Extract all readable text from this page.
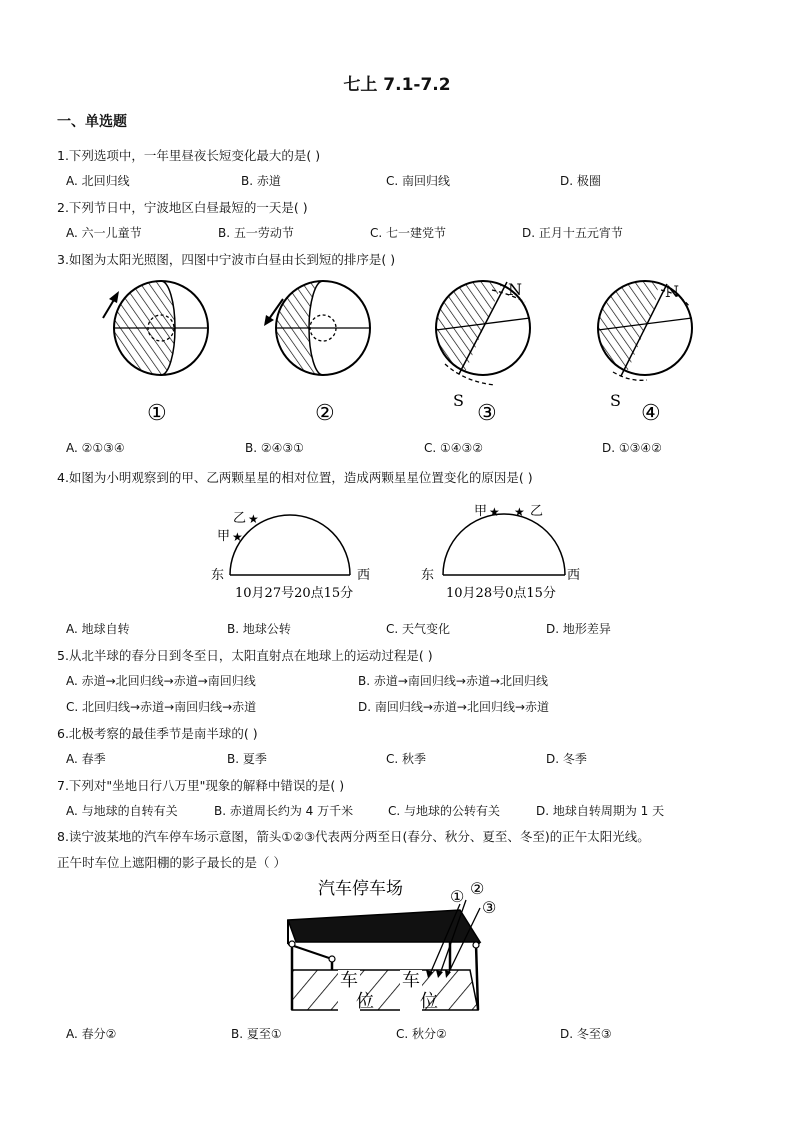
七上 7.1-7.2
一、单选题
1.下列选项中，一年里昼夜长短变化最大的是( )
A. 北回归线	B. 赤道	C. 南回归线	D. 极圈
2.下列节日中，宁波地区白昼最短的一天是( )
A. 六一儿童节	B. 五一劳动节	C. 七一建党节	D. 正月十五元宵节
3.如图为太阳光照图，四图中宁波市白昼由长到短的排序是( )
N
S
N
S
①	②	③	④
A. ②①③④	B. ②④③①	C. ①④③②	D. ①③④②
4.如图为小明观察到的甲、乙两颗星星的相对位置，造成两颗星星位置变化的原因是( )
乙 ★
甲 ★
东	西
10月27号20点15分
甲 ★ ★ 乙
东	西
10月28号0点15分
A. 地球自转	B. 地球公转	C. 天气变化	D. 地形差异
5.从北半球的春分日到冬至日，太阳直射点在地球上的运动过程是( )
A. 赤道→北回归线→赤道→南回归线	B. 赤道→南回归线→赤道→北回归线
C. 北回归线→赤道→南回归线→赤道	D. 南回归线→赤道→北回归线→赤道
6.北极考察的最佳季节是南半球的( )
A. 春季	B. 夏季	C. 秋季	D. 冬季
7.下列对"坐地日行八万里"现象的解释中错误的是( )
A. 与地球的自转有关	B. 赤道周长约为 4 万千米	C. 与地球的公转有关	D. 地球自转周期为 1 天
8.读宁波某地的汽车停车场示意图，箭头①②③代表两分两至日(春分、秋分、夏至、冬至)的正午太阳光线。
正午时车位上遮阳棚的影子最长的是（ ）
汽车停车场	① ②
③
车
位
车
位
A. 春分②	B. 夏至①	C. 秋分②	D. 冬至③
